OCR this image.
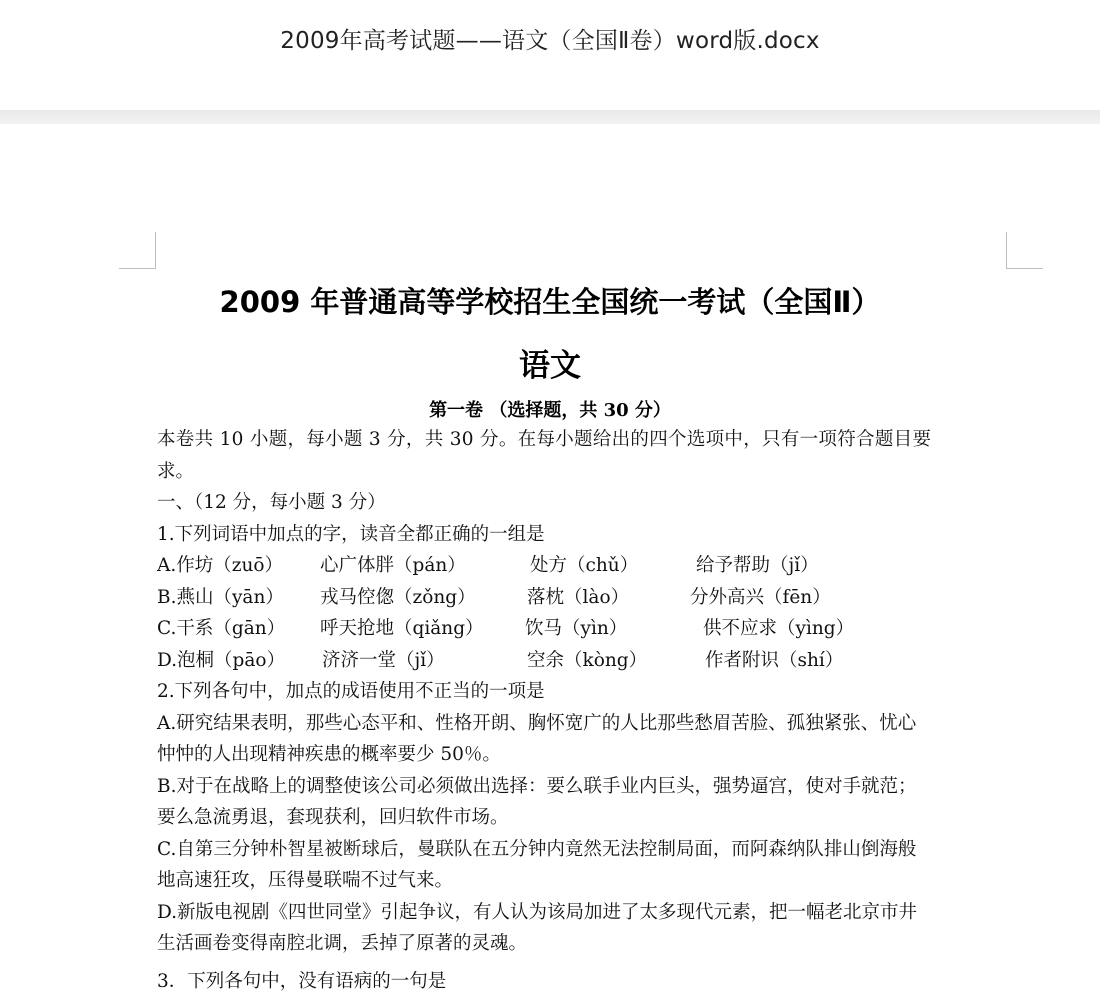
2009年高考试题——语文（全国Ⅱ卷）word版.docx
2009 年普通高等学校招生全国统一考试（全国Ⅱ）
语文
第一卷 （选择题，共 30 分）
本卷共 10 小题，每小题 3 分，共 30 分。在每小题给出的四个选项中，只有一项符合题目要
求。
一、（12 分，每小题 3 分）
1.下列词语中加点的字，读音全都正确的一组是
A.作坊（zuō） 心广体胖（pán）	处方（chǔ）	给予帮助（jǐ）
B.燕山（yān） 戎马倥偬（zǒng）	落枕（lào）	分外高兴（fēn）
C.干系（gān） 呼天抢地（qiǎng） 饮马（yìn）	供不应求（yìng）
D.泡桐（pāo） 济济一堂（jǐ）	空余（kòng）	作者附识（shí）
2.下列各句中，加点的成语使用不正当的一项是
A.研究结果表明，那些心态平和、性格开朗、胸怀宽广的人比那些愁眉苦脸、孤独紧张、忧心
忡忡的人出现精神疾患的概率要少 50％。
B.对于在战略上的调整使该公司必须做出选择：要么联手业内巨头，强势逼宫，使对手就范；
要么急流勇退，套现获利，回归软件市场。
C.自第三分钟朴智星被断球后，曼联队在五分钟内竟然无法控制局面，而阿森纳队排山倒海般
地高速狂攻，压得曼联喘不过气来。
D.新版电视剧《四世同堂》引起争议，有人认为该局加进了太多现代元素，把一幅老北京市井
生活画卷变得南腔北调，丢掉了原著的灵魂。
3．下列各句中，没有语病的一句是
